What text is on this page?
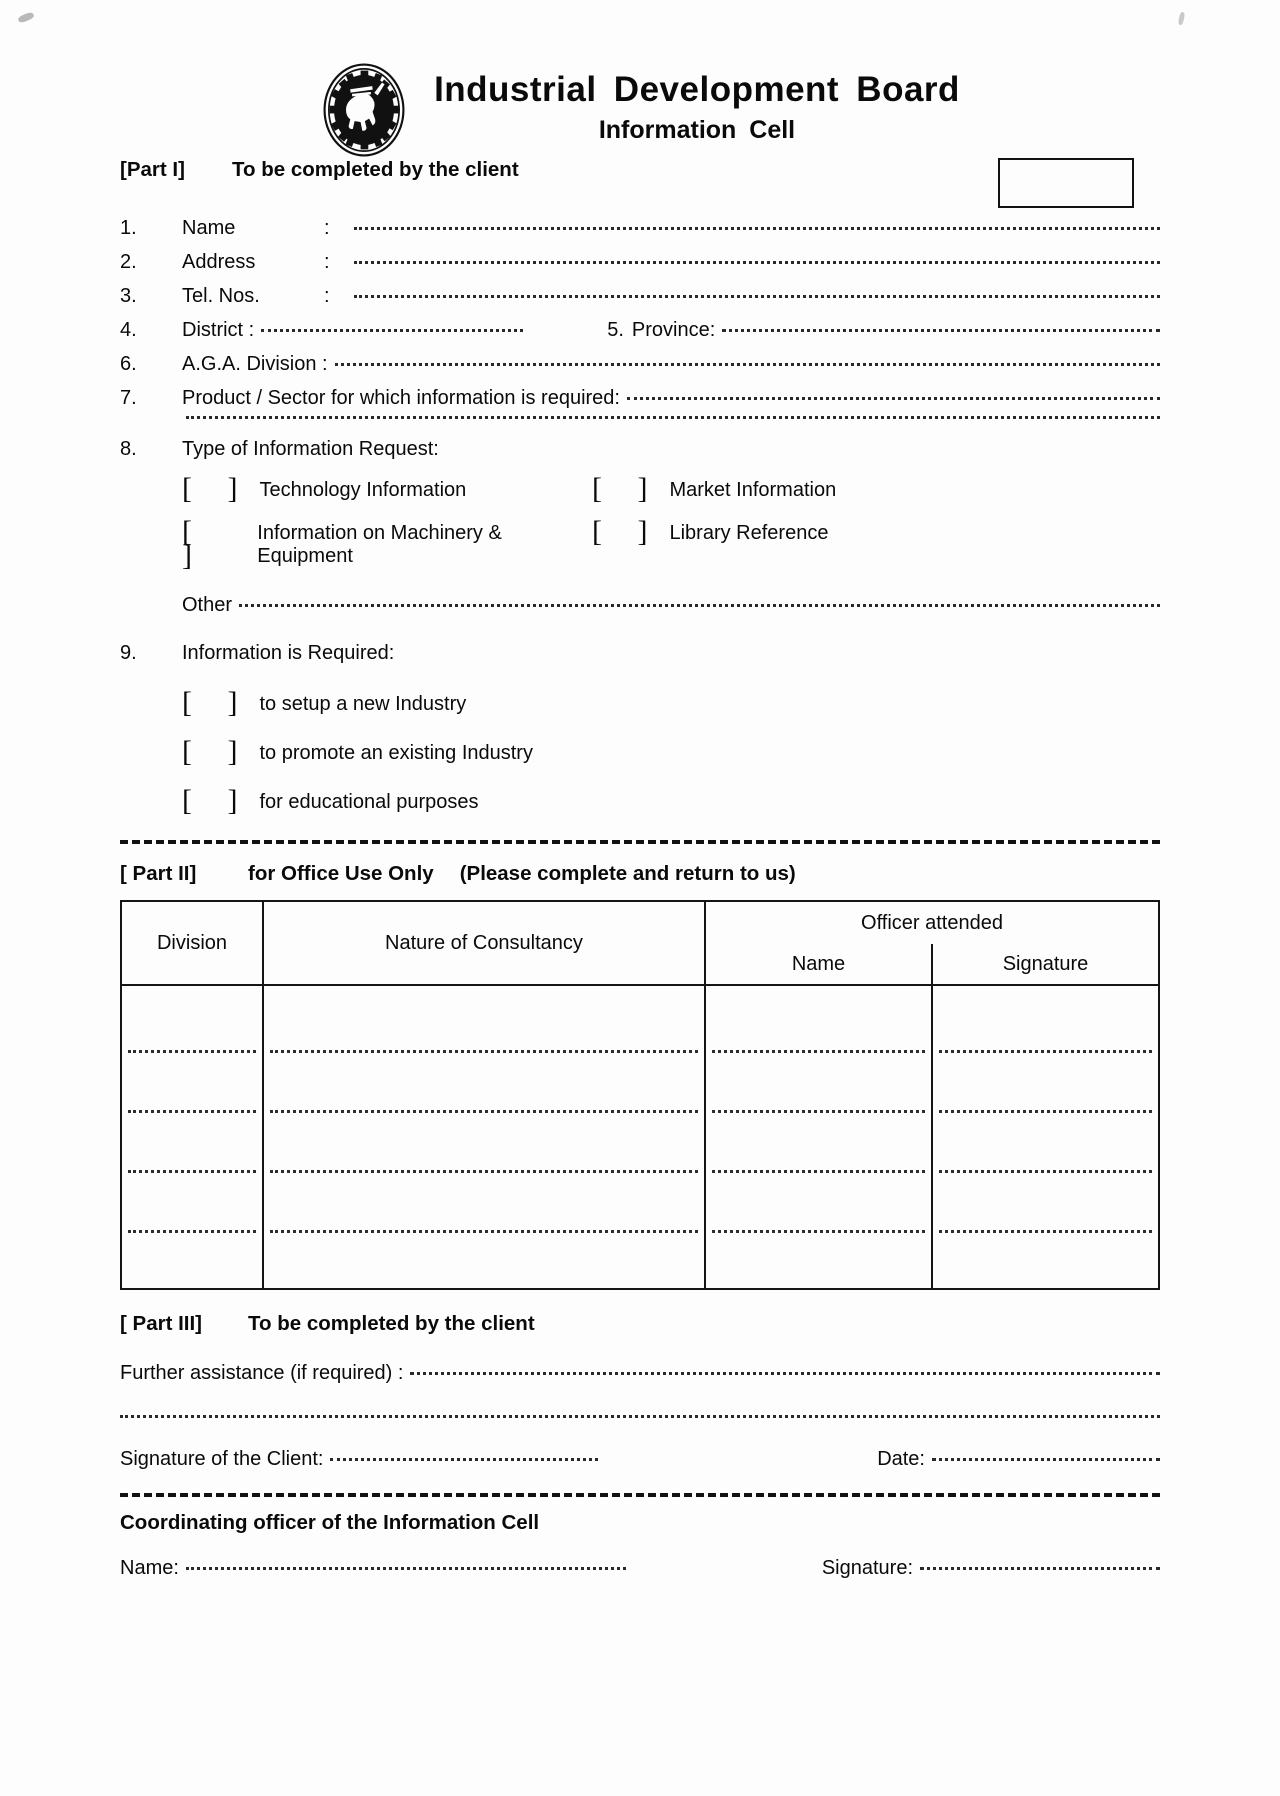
Industrial Development Board
Information Cell
[Part I]	To be completed by the client
1.	Name	:
2.	Address	:
3.	Tel. Nos.	:
4.	District :	5. Province:
6.	A.G.A. Division :
7.	Product / Sector for which information is required:
8.	Type of Information Request:
[ ] Technology Information	[ ] Market Information
[ ]
Information on Machinery & Equipment
[ ] Library Reference
Other
9.	Information is Required:
[ ] to setup a new Industry
[ ] to promote an existing Industry
[ ] for educational purposes
[ Part II]	for Office Use Only (Please complete and return to us)
Division	Nature of Consultancy	Officer attended	
		Name	Signature

[ Part III]	To be completed by the client
Further assistance (if required) :
Signature of the Client:	Date:
Coordinating officer of the Information Cell
Name:	Signature:
